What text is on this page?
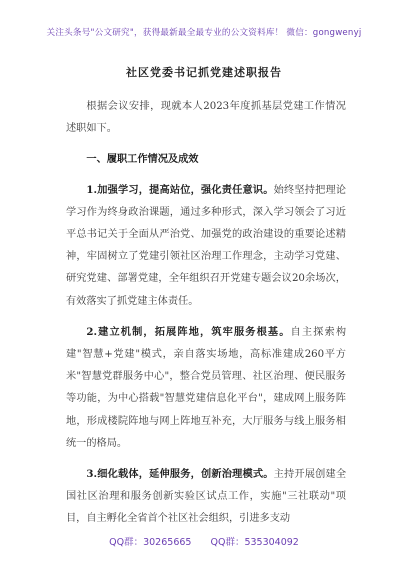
关注头条号"公文研究"，获得最新最全最专业的公文资料库！ 微信：gongwenyj
社区党委书记抓党建述职报告

根据会议安排，现就本人2023年度抓基层党建工作情况述职如下。

一、履职工作情况及成效

1.加强学习，提高站位，强化责任意识。始终坚持把理论学习作为终身政治课题，通过多种形式，深入学习领会了习近平总书记关于全面从严治党、加强党的政治建设的重要论述精神，牢固树立了党建引领社区治理工作理念，主动学习党建、研究党建、部署党建，全年组织召开党建专题会议20余场次，有效落实了抓党建主体责任。

2.建立机制，拓展阵地，筑牢服务根基。自主探索构建"智慧+党建"模式，亲自落实场地，高标准建成260平方米"智慧党群服务中心"，整合党员管理、社区治理、便民服务等功能，为中心搭载"智慧党建信息化平台"，建成网上服务阵地，形成楼院阵地与网上阵地互补充，大厅服务与线上服务相统一的格局。

3.细化载体，延伸服务，创新治理模式。主持开展创建全国社区治理和服务创新实验区试点工作，实施"三社联动"项目，自主孵化全省首个社区社会组织，引进多支动

QQ群：30265665 QQ群：535304092
